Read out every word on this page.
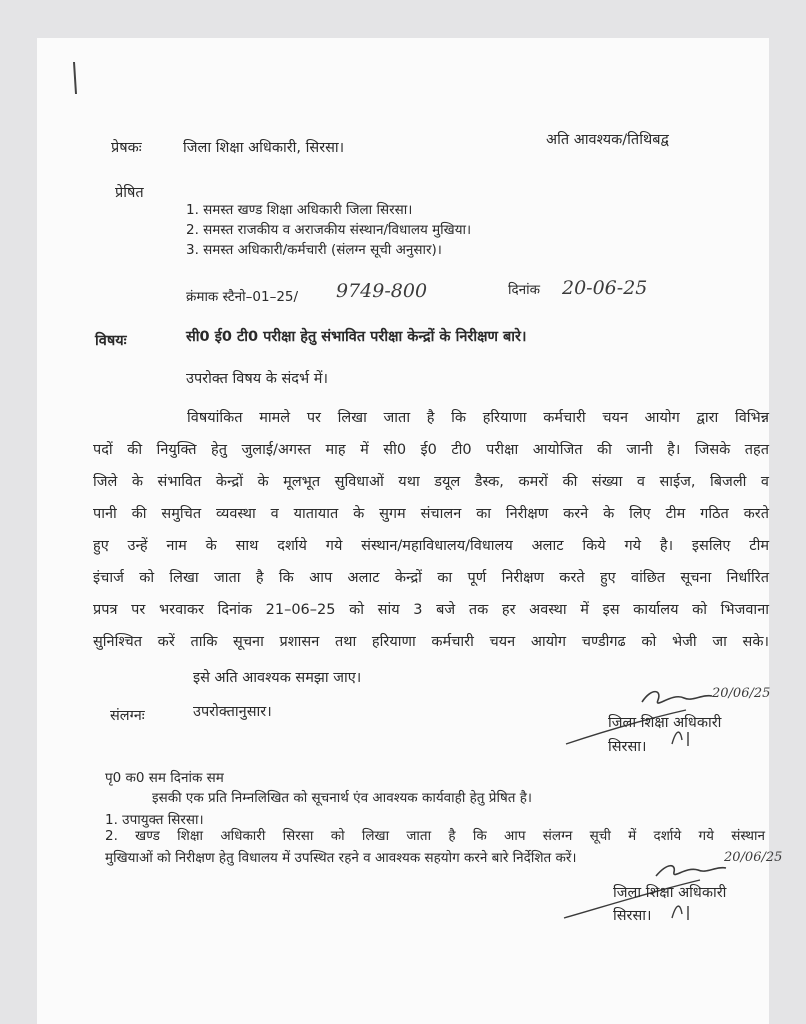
प्रेषकः	जिला शिक्षा अधिकारी, सिरसा।	अति आवश्यक/तिथिबद्व
प्रेषित
1. समस्त खण्ड शिक्षा अधिकारी जिला सिरसा।
2. समस्त राजकीय व अराजकीय संस्थान/विधालय मुखिया।
3. समस्त अधिकारी/कर्मचारी (संलग्न सूची अनुसार)।
क्रंमाक स्टैनो–01–25/ 9749-800	दिनांक 20-06-25
विषयः	सी0 ई0 टी0 परीक्षा हेतु संभावित परीक्षा केन्द्रों के निरीक्षण बारे।
उपरोक्त विषय के संदर्भ में।
विषयांकित मामले पर लिखा जाता है कि हरियाणा कर्मचारी चयन आयोग द्वारा विभिन्न
पदों की नियुक्ति हेतु जुलाई/अगस्त माह में सी0 ई0 टी0 परीक्षा आयोजित की जानी है। जिसके तहत
जिले के संभावित केन्द्रों के मूलभूत सुविधाओं यथा डयूल डैस्क, कमरों की संख्या व साईज, बिजली व
पानी की समुचित व्यवस्था व यातायात के सुगम संचालन का निरीक्षण करने के लिए टीम गठित करते
हुए उन्हें नाम के साथ दर्शाये गये संस्थान/महाविधालय/विधालय अलाट किये गये है। इसलिए टीम
इंचार्ज को लिखा जाता है कि आप अलाट केन्द्रों का पूर्ण निरीक्षण करते हुए वांछित सूचना निर्धारित
प्रपत्र पर भरवाकर दिनांक 21–06–25 को सांय 3 बजे तक हर अवस्था में इस कार्यालय को भिजवाना
सुनिश्चित करें ताकि सूचना प्रशासन तथा हरियाणा कर्मचारी चयन आयोग चण्डीगढ को भेजी जा सके।
इसे अति आवश्यक समझा जाए।
संलग्नः	उपरोक्तानुसार।
20/06/25
जिला शिक्षा अधिकारी
सिरसा।
पृ0 क0 सम दिनांक सम
इसकी एक प्रति निम्नलिखित को सूचनार्थ एंव आवश्यक कार्यवाही हेतु प्रेषित है।
1. उपायुक्त सिरसा।
2. खण्ड शिक्षा अधिकारी सिरसा को लिखा जाता है कि आप संलग्न सूची में दर्शाये गये संस्थान
मुखियाओं को निरीक्षण हेतु विधालय में उपस्थित रहने व आवश्यक सहयोग करने बारे निर्देशित करें।	20/06/25
जिला शिक्षा अधिकारी
सिरसा।
